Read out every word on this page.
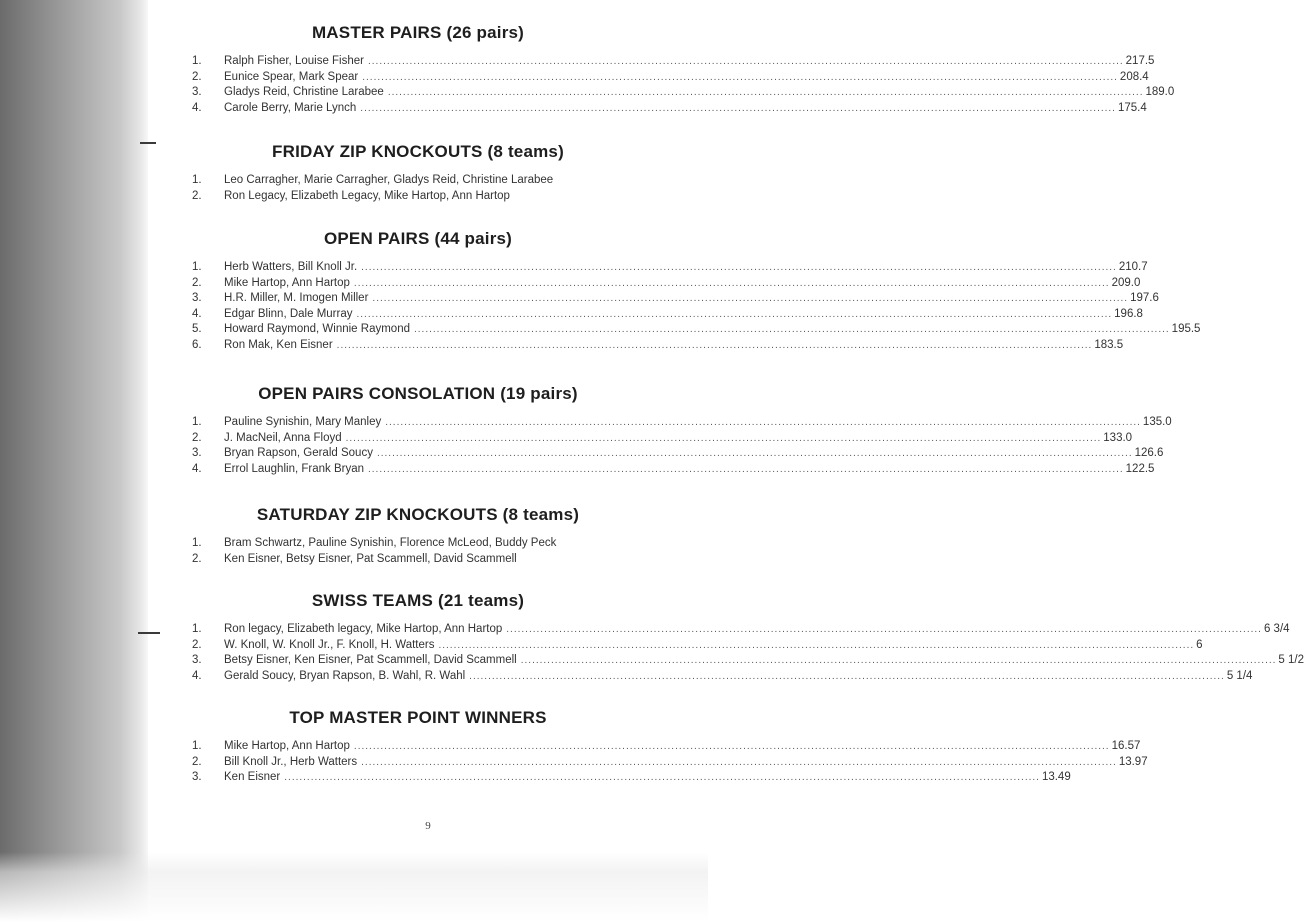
MASTER PAIRS (26 pairs)
1.	Ralph Fisher, Louise Fisher ........................................................................................................................................................................................................ 217.5
2.	Eunice Spear, Mark Spear ........................................................................................................................................................................................................ 208.4
3.	Gladys Reid, Christine Larabee ........................................................................................................................................................................................................ 189.0
4.	Carole Berry, Marie Lynch ........................................................................................................................................................................................................ 175.4
FRIDAY ZIP KNOCKOUTS (8 teams)
1.	Leo Carragher, Marie Carragher, Gladys Reid, Christine Larabee
2.	Ron Legacy, Elizabeth Legacy, Mike Hartop, Ann Hartop
OPEN PAIRS (44 pairs)
1.	Herb Watters, Bill Knoll Jr. ........................................................................................................................................................................................................ 210.7
2.	Mike Hartop, Ann Hartop ........................................................................................................................................................................................................ 209.0
3.	H.R. Miller, M. Imogen Miller ........................................................................................................................................................................................................ 197.6
4.	Edgar Blinn, Dale Murray ........................................................................................................................................................................................................ 196.8
5.	Howard Raymond, Winnie Raymond ........................................................................................................................................................................................................ 195.5
6.	Ron Mak, Ken Eisner ........................................................................................................................................................................................................ 183.5
OPEN PAIRS CONSOLATION (19 pairs)
1.	Pauline Synishin, Mary Manley ........................................................................................................................................................................................................ 135.0
2.	J. MacNeil, Anna Floyd ........................................................................................................................................................................................................ 133.0
3.	Bryan Rapson, Gerald Soucy ........................................................................................................................................................................................................ 126.6
4.	Errol Laughlin, Frank Bryan ........................................................................................................................................................................................................ 122.5
SATURDAY ZIP KNOCKOUTS (8 teams)
1.	Bram Schwartz, Pauline Synishin, Florence McLeod, Buddy Peck
2.	Ken Eisner, Betsy Eisner, Pat Scammell, David Scammell
SWISS TEAMS (21 teams)
1.	Ron legacy, Elizabeth legacy, Mike Hartop, Ann Hartop ........................................................................................................................................................................................................ 6 3/4
2.	W. Knoll, W. Knoll Jr., F. Knoll, H. Watters ........................................................................................................................................................................................................ 6
3.	Betsy Eisner, Ken Eisner, Pat Scammell, David Scammell ........................................................................................................................................................................................................ 5 1/2
4.	Gerald Soucy, Bryan Rapson, B. Wahl, R. Wahl ........................................................................................................................................................................................................ 5 1/4
TOP MASTER POINT WINNERS
1.	Mike Hartop, Ann Hartop ........................................................................................................................................................................................................ 16.57
2.	Bill Knoll Jr., Herb Watters ........................................................................................................................................................................................................ 13.97
3.	Ken Eisner ........................................................................................................................................................................................................ 13.49
9
